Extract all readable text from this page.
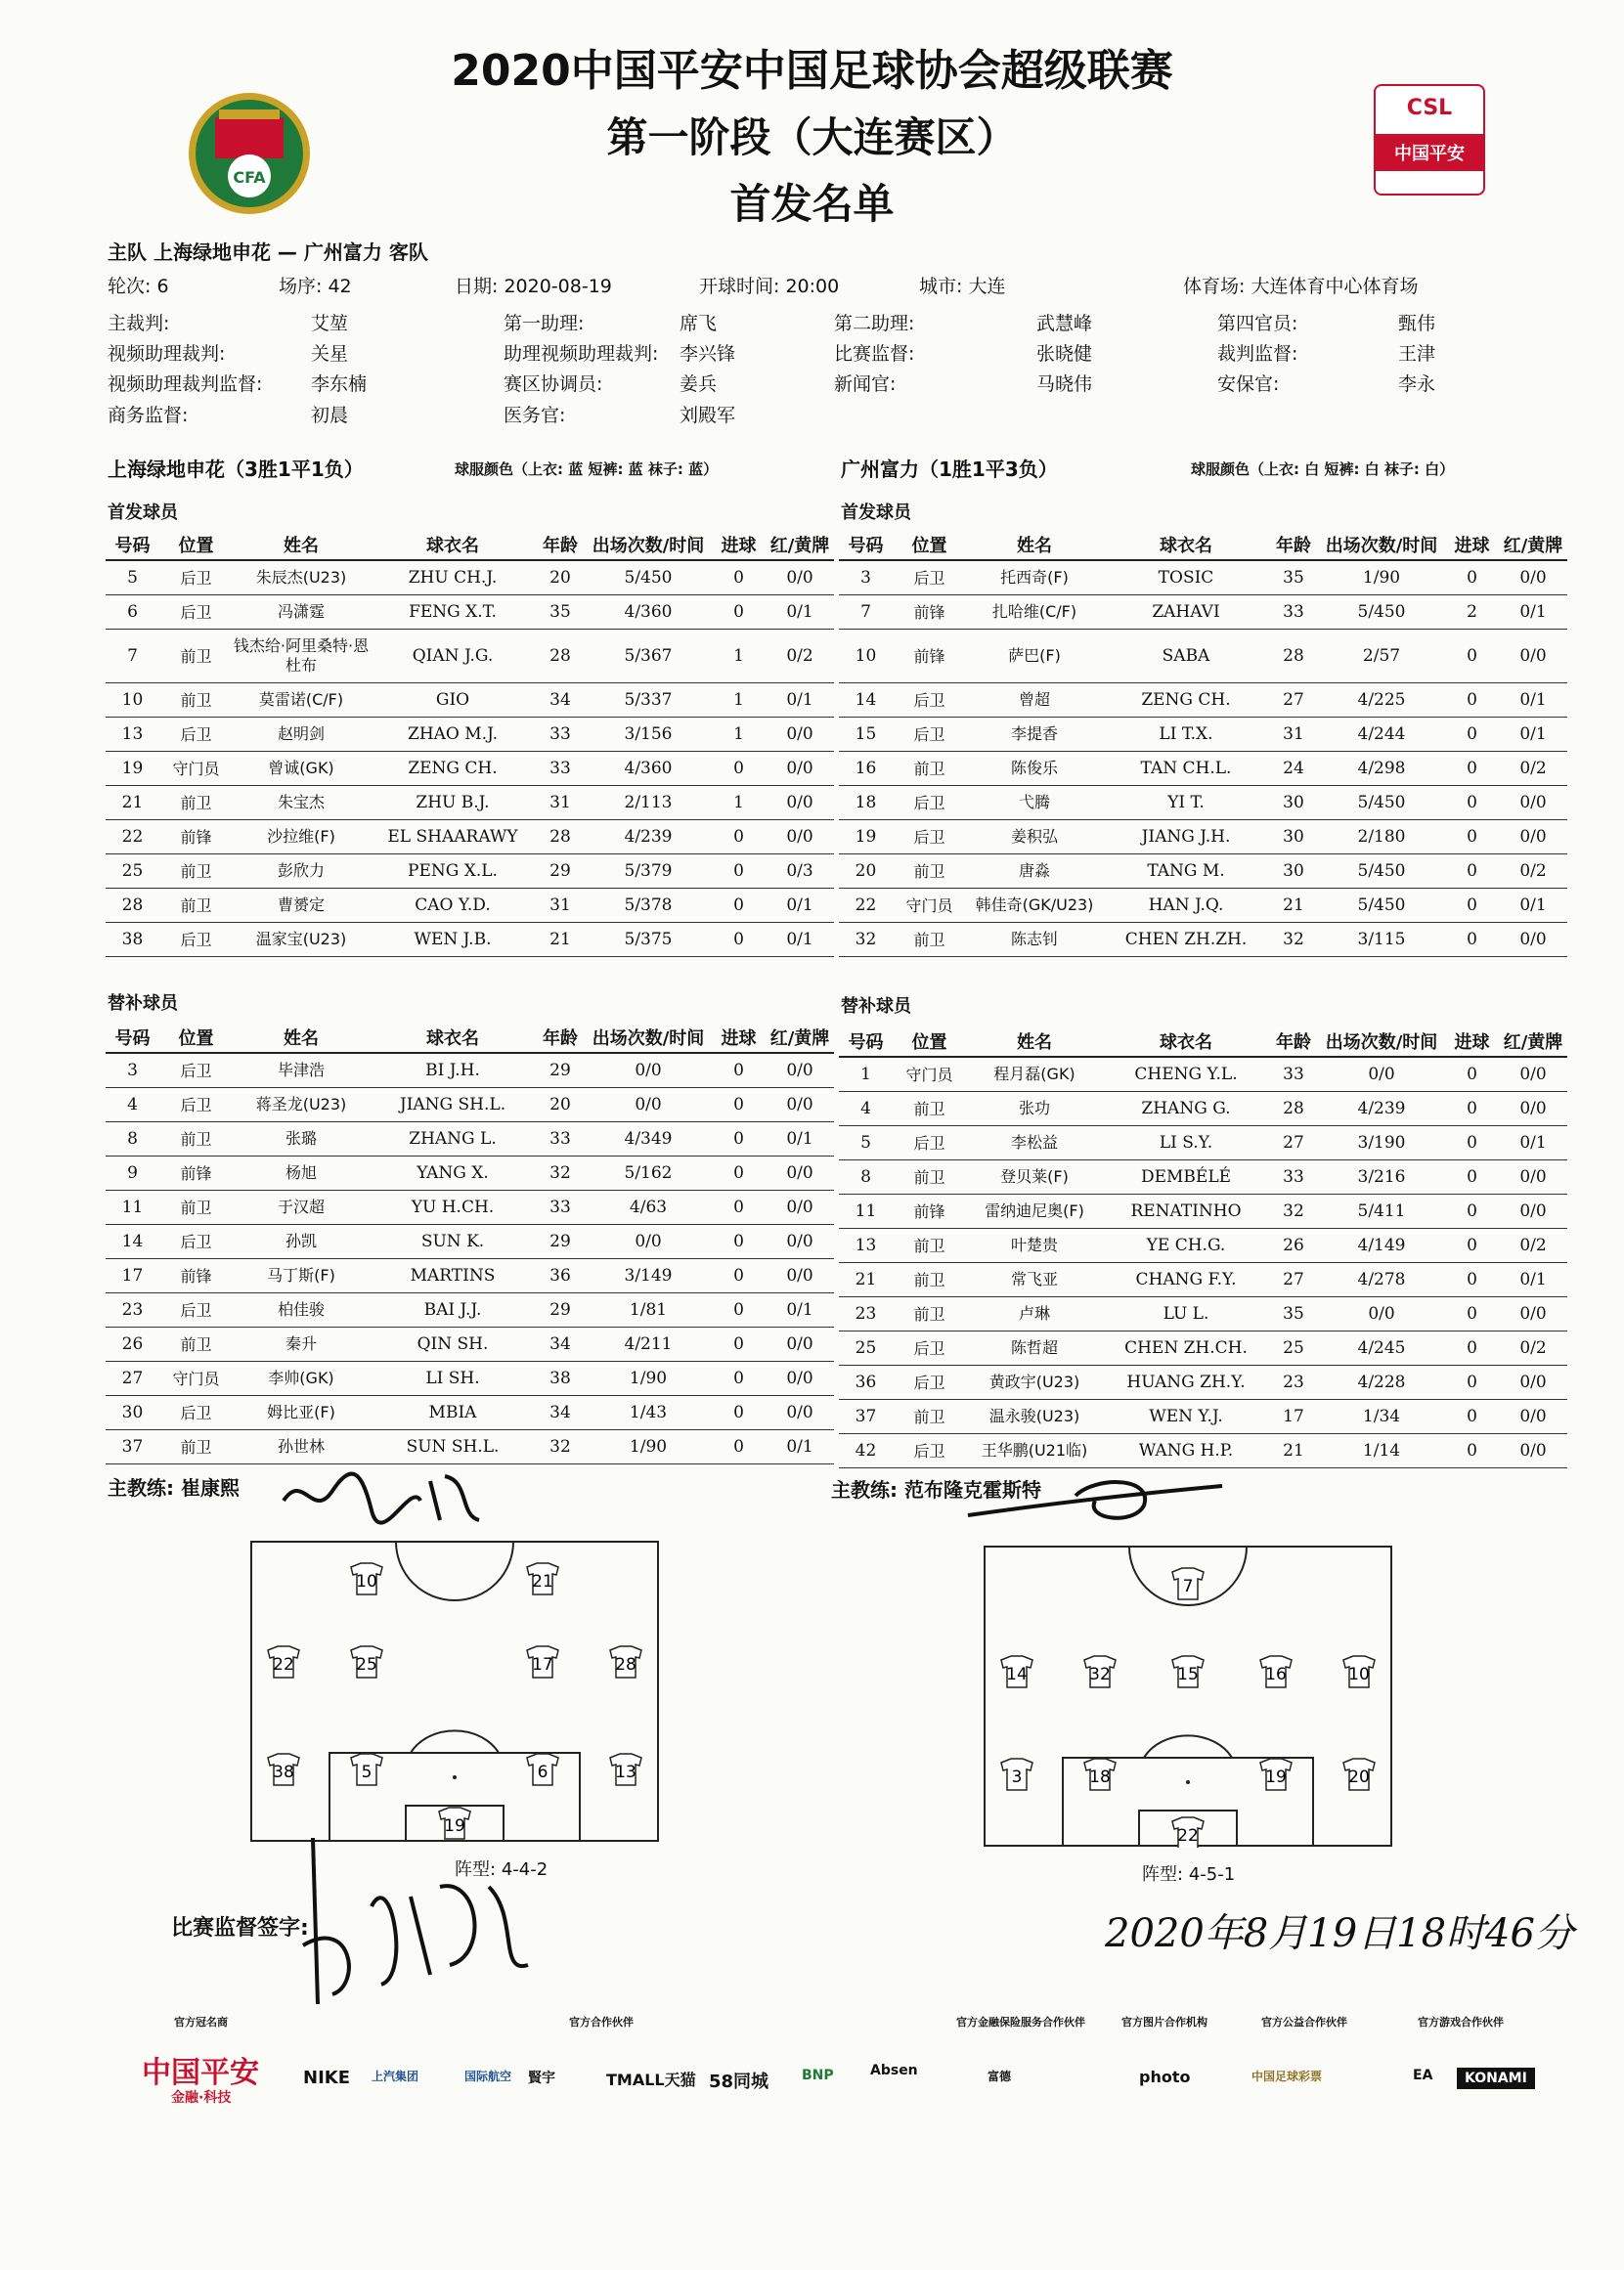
2020中国平安中国足球协会超级联赛
第一阶段（大连赛区）
首发名单
CFA
CSL
中国平安
主队 上海绿地申花 — 广州富力 客队
轮次: 6	场序: 42	日期: 2020-08-19	开球时间: 20:00	城市: 大连	体育场: 大连体育中心体育场
主裁判:	艾堃	第一助理:	席飞	第二助理:	武慧峰	第四官员:	甄伟
视频助理裁判:	关星	助理视频助理裁判: 李兴锋	比赛监督:	张晓健	裁判监督:	王津
视频助理裁判监督:	李东楠	赛区协调员:	姜兵	新闻官:	马晓伟	安保官:	李永
商务监督:	初晨	医务官:	刘殿军
上海绿地申花（3胜1平1负）	球服颜色（上衣: 蓝 短裤: 蓝 袜子: 蓝）	广州富力（1胜1平3负）	球服颜色（上衣: 白 短裤: 白 袜子: 白）
首发球员	首发球员
替补球员	替补球员
号码	位置	姓名	球衣名	年龄	出场次数/时间	进球	红/黄牌
5	后卫	朱辰杰(U23)	ZHU CH.J.	20	5/450	0	0/0
6	后卫	冯潇霆	FENG X.T.	35	4/360	0	0/1
7	前卫	钱杰给·阿里桑特·恩杜布	QIAN J.G.	28	5/367	1	0/2
10	前卫	莫雷诺(C/F)	GIO	34	5/337	1	0/1
13	后卫	赵明剑	ZHAO M.J.	33	3/156	1	0/0
19	守门员	曾诚(GK)	ZENG CH.	33	4/360	0	0/0
21	前卫	朱宝杰	ZHU B.J.	31	2/113	1	0/0
22	前锋	沙拉维(F)	EL SHAARAWY	28	4/239	0	0/0
25	前卫	彭欣力	PENG X.L.	29	5/379	0	0/3
28	前卫	曹赟定	CAO Y.D.	31	5/378	0	0/1
38	后卫	温家宝(U23)	WEN J.B.	21	5/375	0	0/1
号码	位置	姓名	球衣名	年龄	出场次数/时间	进球	红/黄牌
3	后卫	托西奇(F)	TOSIC	35	1/90	0	0/0
7	前锋	扎哈维(C/F)	ZAHAVI	33	5/450	2	0/1
10	前锋	萨巴(F)	SABA	28	2/57	0	0/0
14	后卫	曾超	ZENG CH.	27	4/225	0	0/1
15	后卫	李提香	LI T.X.	31	4/244	0	0/1
16	前卫	陈俊乐	TAN CH.L.	24	4/298	0	0/2
18	后卫	弋腾	YI T.	30	5/450	0	0/0
19	后卫	姜积弘	JIANG J.H.	30	2/180	0	0/0
20	前卫	唐淼	TANG M.	30	5/450	0	0/2
22	守门员	韩佳奇(GK/U23)	HAN J.Q.	21	5/450	0	0/1
32	前卫	陈志钊	CHEN ZH.ZH.	32	3/115	0	0/0
号码	位置	姓名	球衣名	年龄	出场次数/时间	进球	红/黄牌
3	后卫	毕津浩	BI J.H.	29	0/0	0	0/0
4	后卫	蒋圣龙(U23)	JIANG SH.L.	20	0/0	0	0/0
8	前卫	张璐	ZHANG L.	33	4/349	0	0/1
9	前锋	杨旭	YANG X.	32	5/162	0	0/0
11	前卫	于汉超	YU H.CH.	33	4/63	0	0/0
14	后卫	孙凯	SUN K.	29	0/0	0	0/0
17	前锋	马丁斯(F)	MARTINS	36	3/149	0	0/0
23	后卫	柏佳骏	BAI J.J.	29	1/81	0	0/1
26	前卫	秦升	QIN SH.	34	4/211	0	0/0
27	守门员	李帅(GK)	LI SH.	38	1/90	0	0/0
30	后卫	姆比亚(F)	MBIA	34	1/43	0	0/0
37	前卫	孙世林	SUN SH.L.	32	1/90	0	0/1
号码	位置	姓名	球衣名	年龄	出场次数/时间	进球	红/黄牌
1	守门员	程月磊(GK)	CHENG Y.L.	33	0/0	0	0/0
4	前卫	张功	ZHANG G.	28	4/239	0	0/0
5	后卫	李松益	LI S.Y.	27	3/190	0	0/1
8	前卫	登贝莱(F)	DEMBÉLÉ	33	3/216	0	0/0
11	前锋	雷纳迪尼奥(F)	RENATINHO	32	5/411	0	0/0
13	前卫	叶楚贵	YE CH.G.	26	4/149	0	0/2
21	前卫	常飞亚	CHANG F.Y.	27	4/278	0	0/1
23	前卫	卢琳	LU L.	35	0/0	0	0/0
25	后卫	陈哲超	CHEN ZH.CH.	25	4/245	0	0/2
36	后卫	黄政宇(U23)	HUANG ZH.Y.	23	4/228	0	0/0
37	前卫	温永骏(U23)	WEN Y.J.	17	1/34	0	0/0
42	后卫	王华鹏(U21临)	WANG H.P.	21	1/14	0	0/0
主教练: 崔康熙	主教练: 范布隆克霍斯特
10	21
22	25	17	28
38	5	6	13
19
7
14	32	15	16	10
3	18	19	20
22
阵型: 4-4-2	阵型: 4-5-1
比赛监督签字:	2020年8月19日18时46分
官方冠名商	官方合作伙伴	官方金融保险服务合作伙伴	官方图片合作机构	官方公益合作伙伴	官方游戏合作伙伴
中国平安
金融·科技
NIKE 上汽集团	国际航空 賢宇	TMALL天猫 58同城 BNP	Absen	富德	photo	中国足球彩票	EA	KONAMI
